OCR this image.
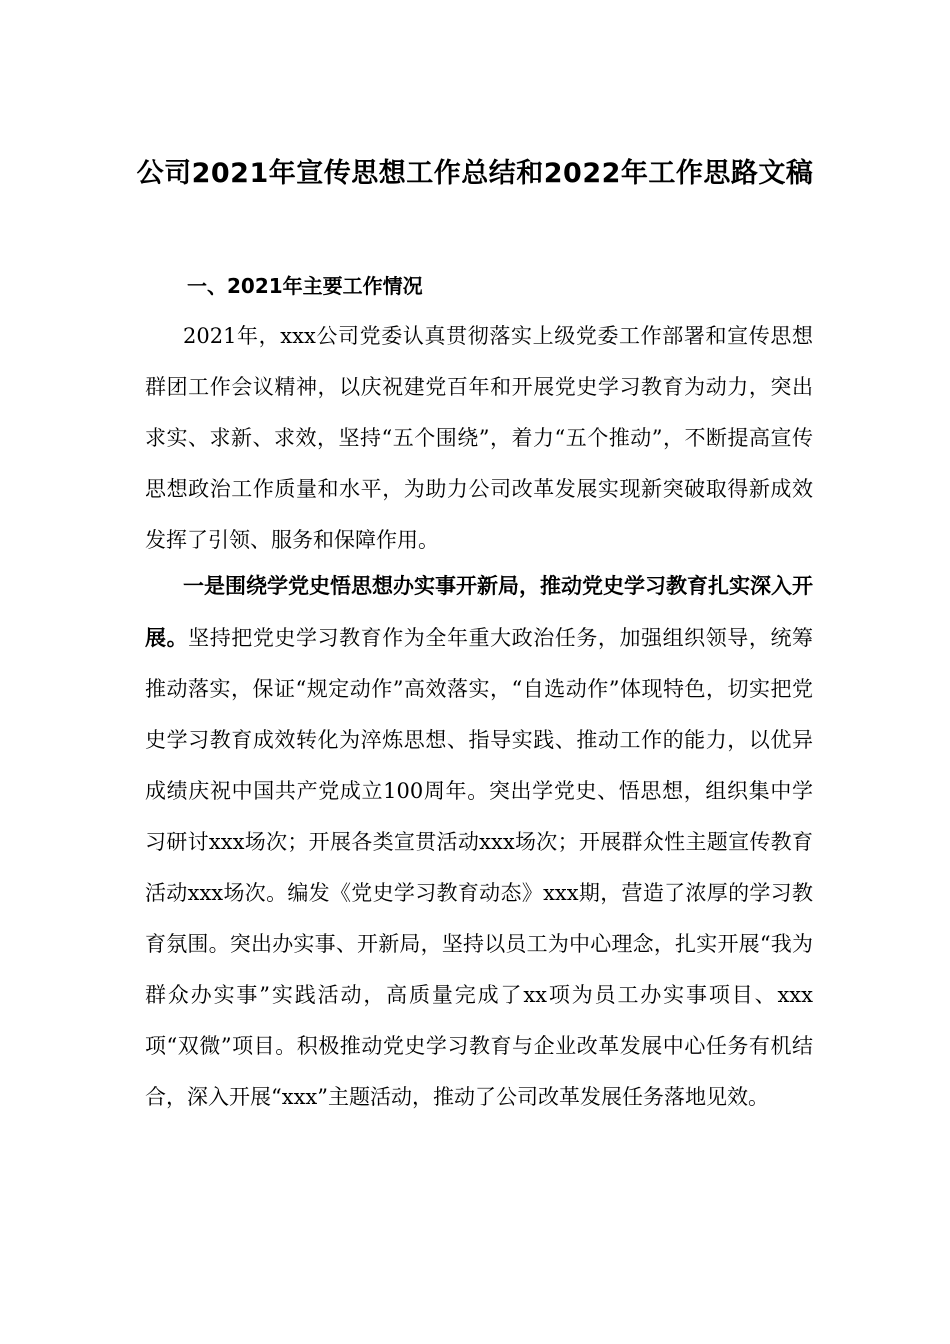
公司2021年宣传思想工作总结和2022年工作思路文稿
一、2021年主要工作情况
2021年，xxx公司党委认真贯彻落实上级党委工作部署和宣传思想群团工作会议精神，以庆祝建党百年和开展党史学习教育为动力，突出求实、求新、求效，坚持“五个围绕”，着力“五个推动”，不断提高宣传思想政治工作质量和水平，为助力公司改革发展实现新突破取得新成效发挥了引领、服务和保障作用。
一是围绕学党史悟思想办实事开新局，推动党史学习教育扎实深入开展。坚持把党史学习教育作为全年重大政治任务，加强组织领导，统筹推动落实，保证“规定动作”高效落实，“自选动作”体现特色，切实把党史学习教育成效转化为淬炼思想、指导实践、推动工作的能力，以优异成绩庆祝中国共产党成立100周年。突出学党史、悟思想，组织集中学习研讨xxx场次；开展各类宣贯活动xxx场次；开展群众性主题宣传教育活动xxx场次。编发《党史学习教育动态》xxx期，营造了浓厚的学习教育氛围。突出办实事、开新局，坚持以员工为中心理念，扎实开展“我为群众办实事”实践活动，高质量完成了xx项为员工办实事项目、xxx项“双微”项目。积极推动党史学习教育与企业改革发展中心任务有机结合，深入开展“xxx”主题活动，推动了公司改革发展任务落地见效。
